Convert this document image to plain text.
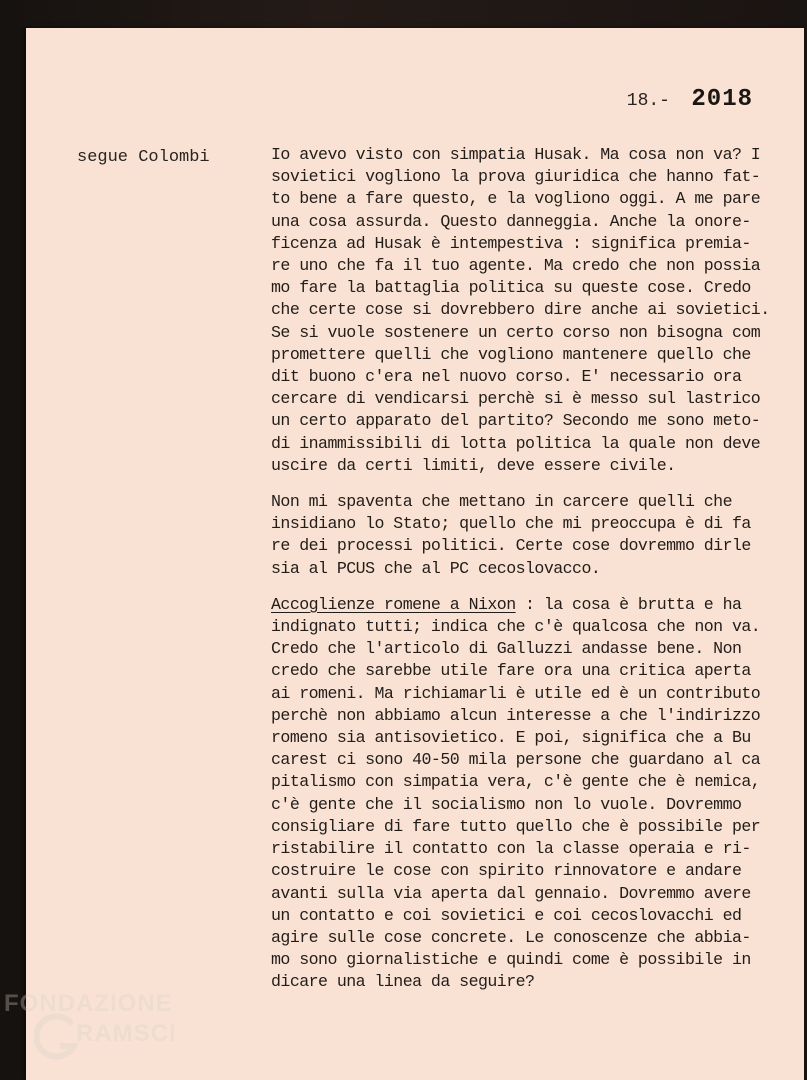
18.- 2018
segue Colombi	Io avevo visto con simpatia Husak. Ma cosa non va? I
sovietici vogliono la prova giuridica che hanno fat-
to bene a fare questo, e la vogliono oggi. A me pare
una cosa assurda. Questo danneggia. Anche la onore-
ficenza ad Husak è intempestiva : significa premia-
re uno che fa il tuo agente. Ma credo che non possia
mo fare la battaglia politica su queste cose. Credo
che certe cose si dovrebbero dire anche ai sovietici.
Se si vuole sostenere un certo corso non bisogna com
promettere quelli che vogliono mantenere quello che
dit buono c'era nel nuovo corso. E' necessario ora
cercare di vendicarsi perchè si è messo sul lastrico
un certo apparato del partito? Secondo me sono meto-
di inammissibili di lotta politica la quale non deve
uscire da certi limiti, deve essere civile.
Non mi spaventa che mettano in carcere quelli che
insidiano lo Stato; quello che mi preoccupa è di fa
re dei processi politici. Certe cose dovremmo dirle
sia al PCUS che al PC cecoslovacco.
Accoglienze romene a Nixon : la cosa è brutta e ha
indignato tutti; indica che c'è qualcosa che non va.
Credo che l'articolo di Galluzzi andasse bene. Non
credo che sarebbe utile fare ora una critica aperta
ai romeni. Ma richiamarli è utile ed è un contributo
perchè non abbiamo alcun interesse a che l'indirizzo
romeno sia antisovietico. E poi, significa che a Bu
carest ci sono 40-50 mila persone che guardano al ca
pitalismo con simpatia vera, c'è gente che è nemica,
c'è gente che il socialismo non lo vuole. Dovremmo
consigliare di fare tutto quello che è possibile per
ristabilire il contatto con la classe operaia e ri-
costruire le cose con spirito rinnovatore e andare
avanti sulla via aperta dal gennaio. Dovremmo avere
un contatto e coi sovietici e coi cecoslovacchi ed
agire sulle cose concrete. Le conoscenze che abbia-
mo sono giornalistiche e quindi come è possibile in
dicare una linea da seguire?
FONDAZIONE
RAMSCI
